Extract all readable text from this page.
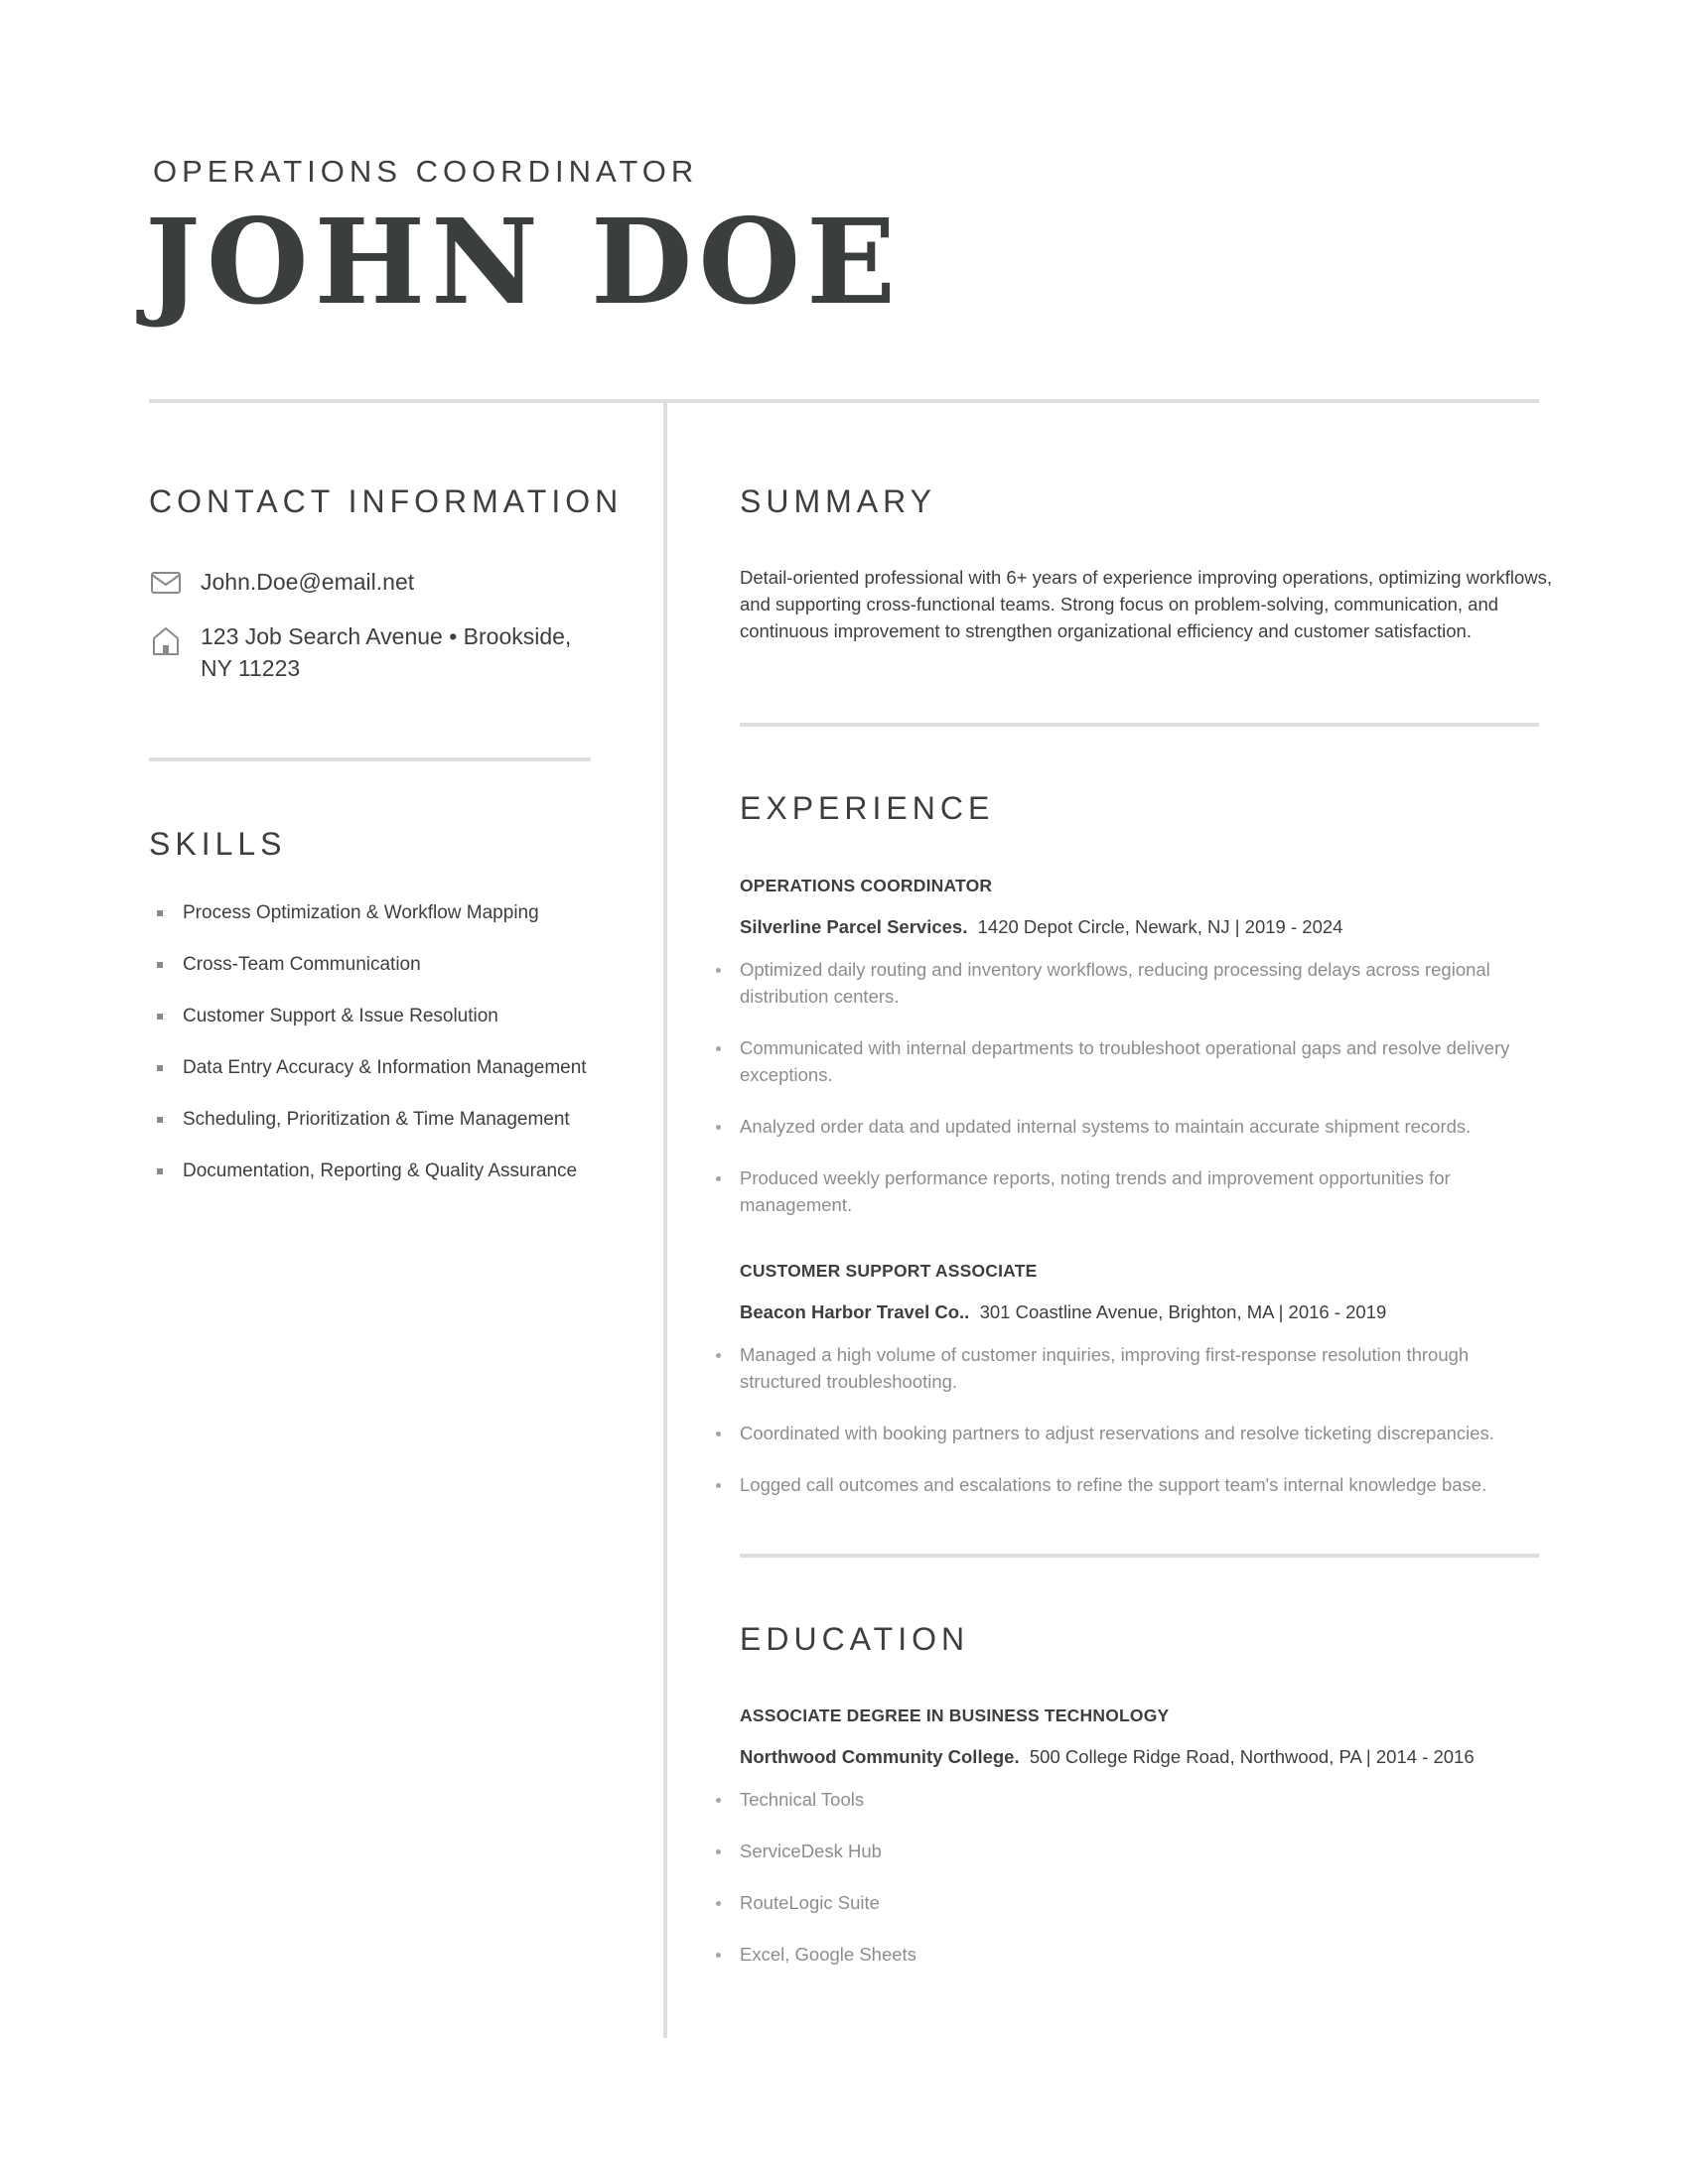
OPERATIONS COORDINATOR
JOHN DOE
CONTACT INFORMATION
John.Doe@email.net
123 Job Search Avenue • Brookside,
NY 11223
SKILLS
Process Optimization & Workflow Mapping
Cross-Team Communication
Customer Support & Issue Resolution
Data Entry Accuracy & Information Management
Scheduling, Prioritization & Time Management
Documentation, Reporting & Quality Assurance
SUMMARY
Detail-oriented professional with 6+ years of experience improving operations, optimizing workflows, and supporting cross-functional teams. Strong focus on problem-solving, communication, and continuous improvement to strengthen organizational efficiency and customer satisfaction.
EXPERIENCE
OPERATIONS COORDINATOR
Silverline Parcel Services. 1420 Depot Circle, Newark, NJ | 2019 - 2024
Optimized daily routing and inventory workflows, reducing processing delays across regional distribution centers.
Communicated with internal departments to troubleshoot operational gaps and resolve delivery exceptions.
Analyzed order data and updated internal systems to maintain accurate shipment records.
Produced weekly performance reports, noting trends and improvement opportunities for management.
CUSTOMER SUPPORT ASSOCIATE
Beacon Harbor Travel Co.. 301 Coastline Avenue, Brighton, MA | 2016 - 2019
Managed a high volume of customer inquiries, improving first-response resolution through structured troubleshooting.
Coordinated with booking partners to adjust reservations and resolve ticketing discrepancies.
Logged call outcomes and escalations to refine the support team's internal knowledge base.
EDUCATION
ASSOCIATE DEGREE IN BUSINESS TECHNOLOGY
Northwood Community College. 500 College Ridge Road, Northwood, PA | 2014 - 2016
Technical Tools
ServiceDesk Hub
RouteLogic Suite
Excel, Google Sheets
